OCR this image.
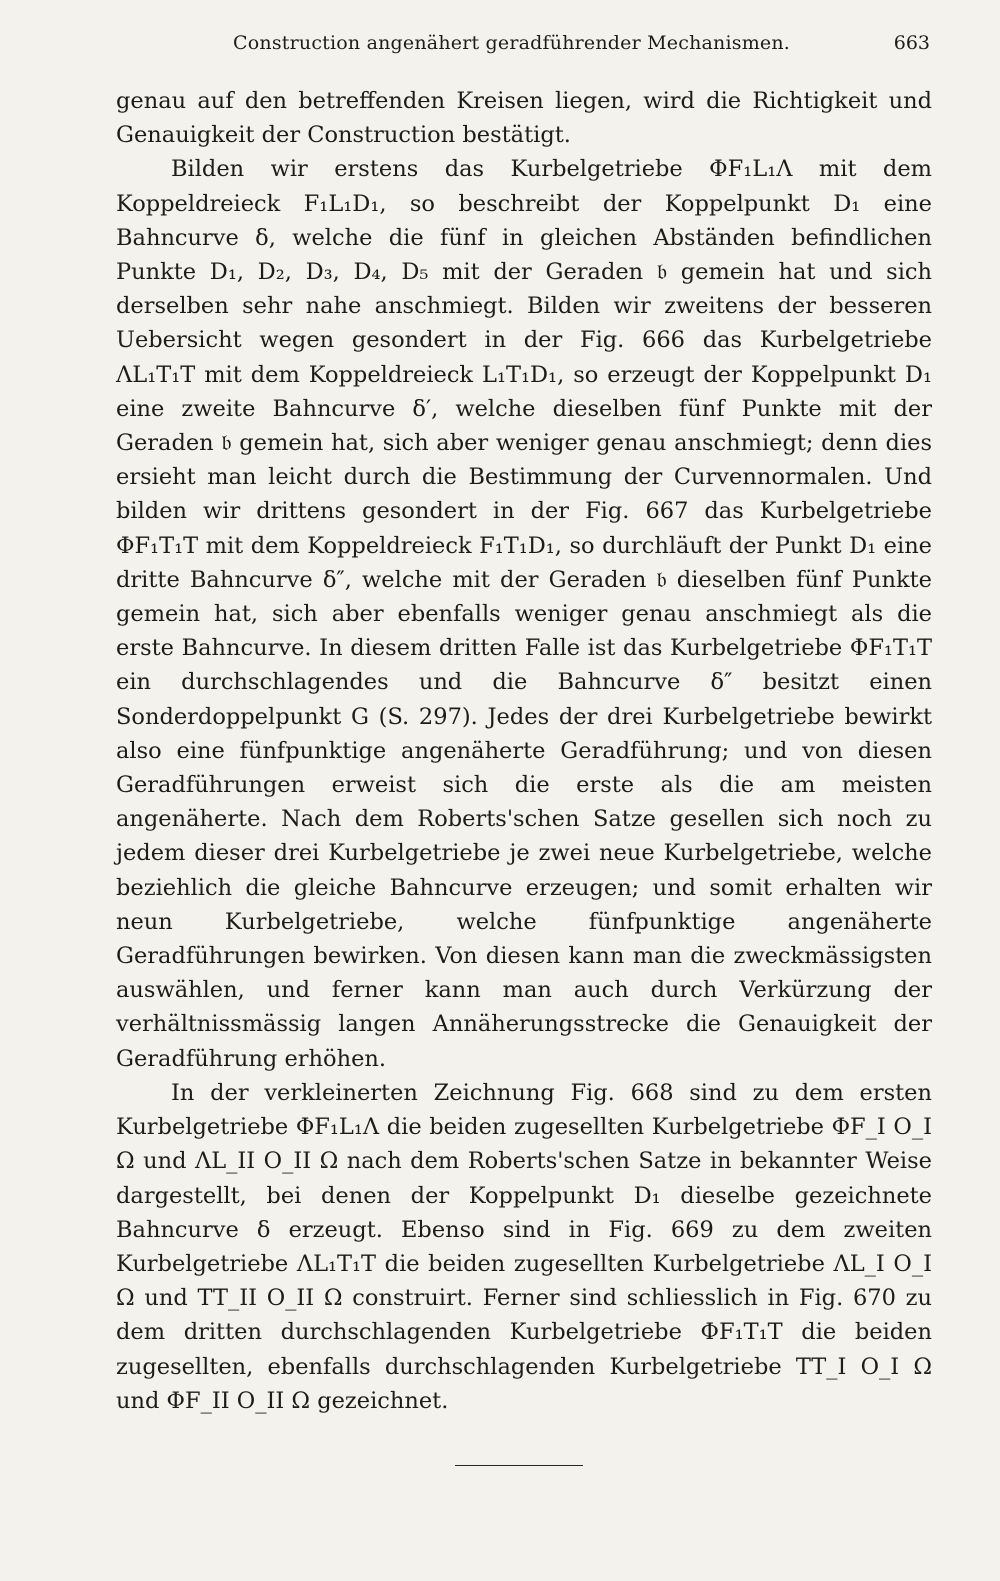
Construction angenähert geradführender Mechanismen.	663

genau auf den betreffenden Kreisen liegen, wird die Richtigkeit und Genauigkeit der Construction bestätigt.

Bilden wir erstens das Kurbelgetriebe ΦF₁L₁Λ mit dem Koppeldreieck F₁L₁D₁, so beschreibt der Koppelpunkt D₁ eine Bahncurve δ, welche die fünf in gleichen Abständen befindlichen Punkte D₁, D₂, D₃, D₄, D₅ mit der Geraden 𝔟 gemein hat und sich derselben sehr nahe anschmiegt. Bilden wir zweitens der besseren Uebersicht wegen gesondert in der Fig. 666 das Kurbelgetriebe ΛL₁T₁T mit dem Koppeldreieck L₁T₁D₁, so erzeugt der Koppelpunkt D₁ eine zweite Bahncurve δ′, welche dieselben fünf Punkte mit der Geraden 𝔟 gemein hat, sich aber weniger genau anschmiegt; denn dies ersieht man leicht durch die Bestimmung der Curvennormalen. Und bilden wir drittens gesondert in der Fig. 667 das Kurbelgetriebe ΦF₁T₁T mit dem Koppeldreieck F₁T₁D₁, so durchläuft der Punkt D₁ eine dritte Bahncurve δ″, welche mit der Geraden 𝔟 dieselben fünf Punkte gemein hat, sich aber ebenfalls weniger genau anschmiegt als die erste Bahncurve. In diesem dritten Falle ist das Kurbelgetriebe ΦF₁T₁T ein durchschlagendes und die Bahncurve δ″ besitzt einen Sonderdoppelpunkt G (S. 297). Jedes der drei Kurbelgetriebe bewirkt also eine fünfpunktige angenäherte Geradführung; und von diesen Geradführungen erweist sich die erste als die am meisten angenäherte. Nach dem Roberts'schen Satze gesellen sich noch zu jedem dieser drei Kurbelgetriebe je zwei neue Kurbelgetriebe, welche beziehlich die gleiche Bahncurve erzeugen; und somit erhalten wir neun Kurbelgetriebe, welche fünfpunktige angenäherte Geradführungen bewirken. Von diesen kann man die zweckmässigsten auswählen, und ferner kann man auch durch Verkürzung der verhältnissmässig langen Annäherungsstrecke die Genauigkeit der Geradführung erhöhen.

In der verkleinerten Zeichnung Fig. 668 sind zu dem ersten Kurbelgetriebe ΦF₁L₁Λ die beiden zugesellten Kurbelgetriebe ΦF_I O_I Ω und ΛL_II O_II Ω nach dem Roberts'schen Satze in bekannter Weise dargestellt, bei denen der Koppelpunkt D₁ dieselbe gezeichnete Bahncurve δ erzeugt. Ebenso sind in Fig. 669 zu dem zweiten Kurbelgetriebe ΛL₁T₁T die beiden zugesellten Kurbelgetriebe ΛL_I O_I Ω und TT_II O_II Ω construirt. Ferner sind schliesslich in Fig. 670 zu dem dritten durchschlagenden Kurbelgetriebe ΦF₁T₁T die beiden zugesellten, ebenfalls durchschlagenden Kurbelgetriebe TT_I O_I Ω und ΦF_II O_II Ω gezeichnet.
